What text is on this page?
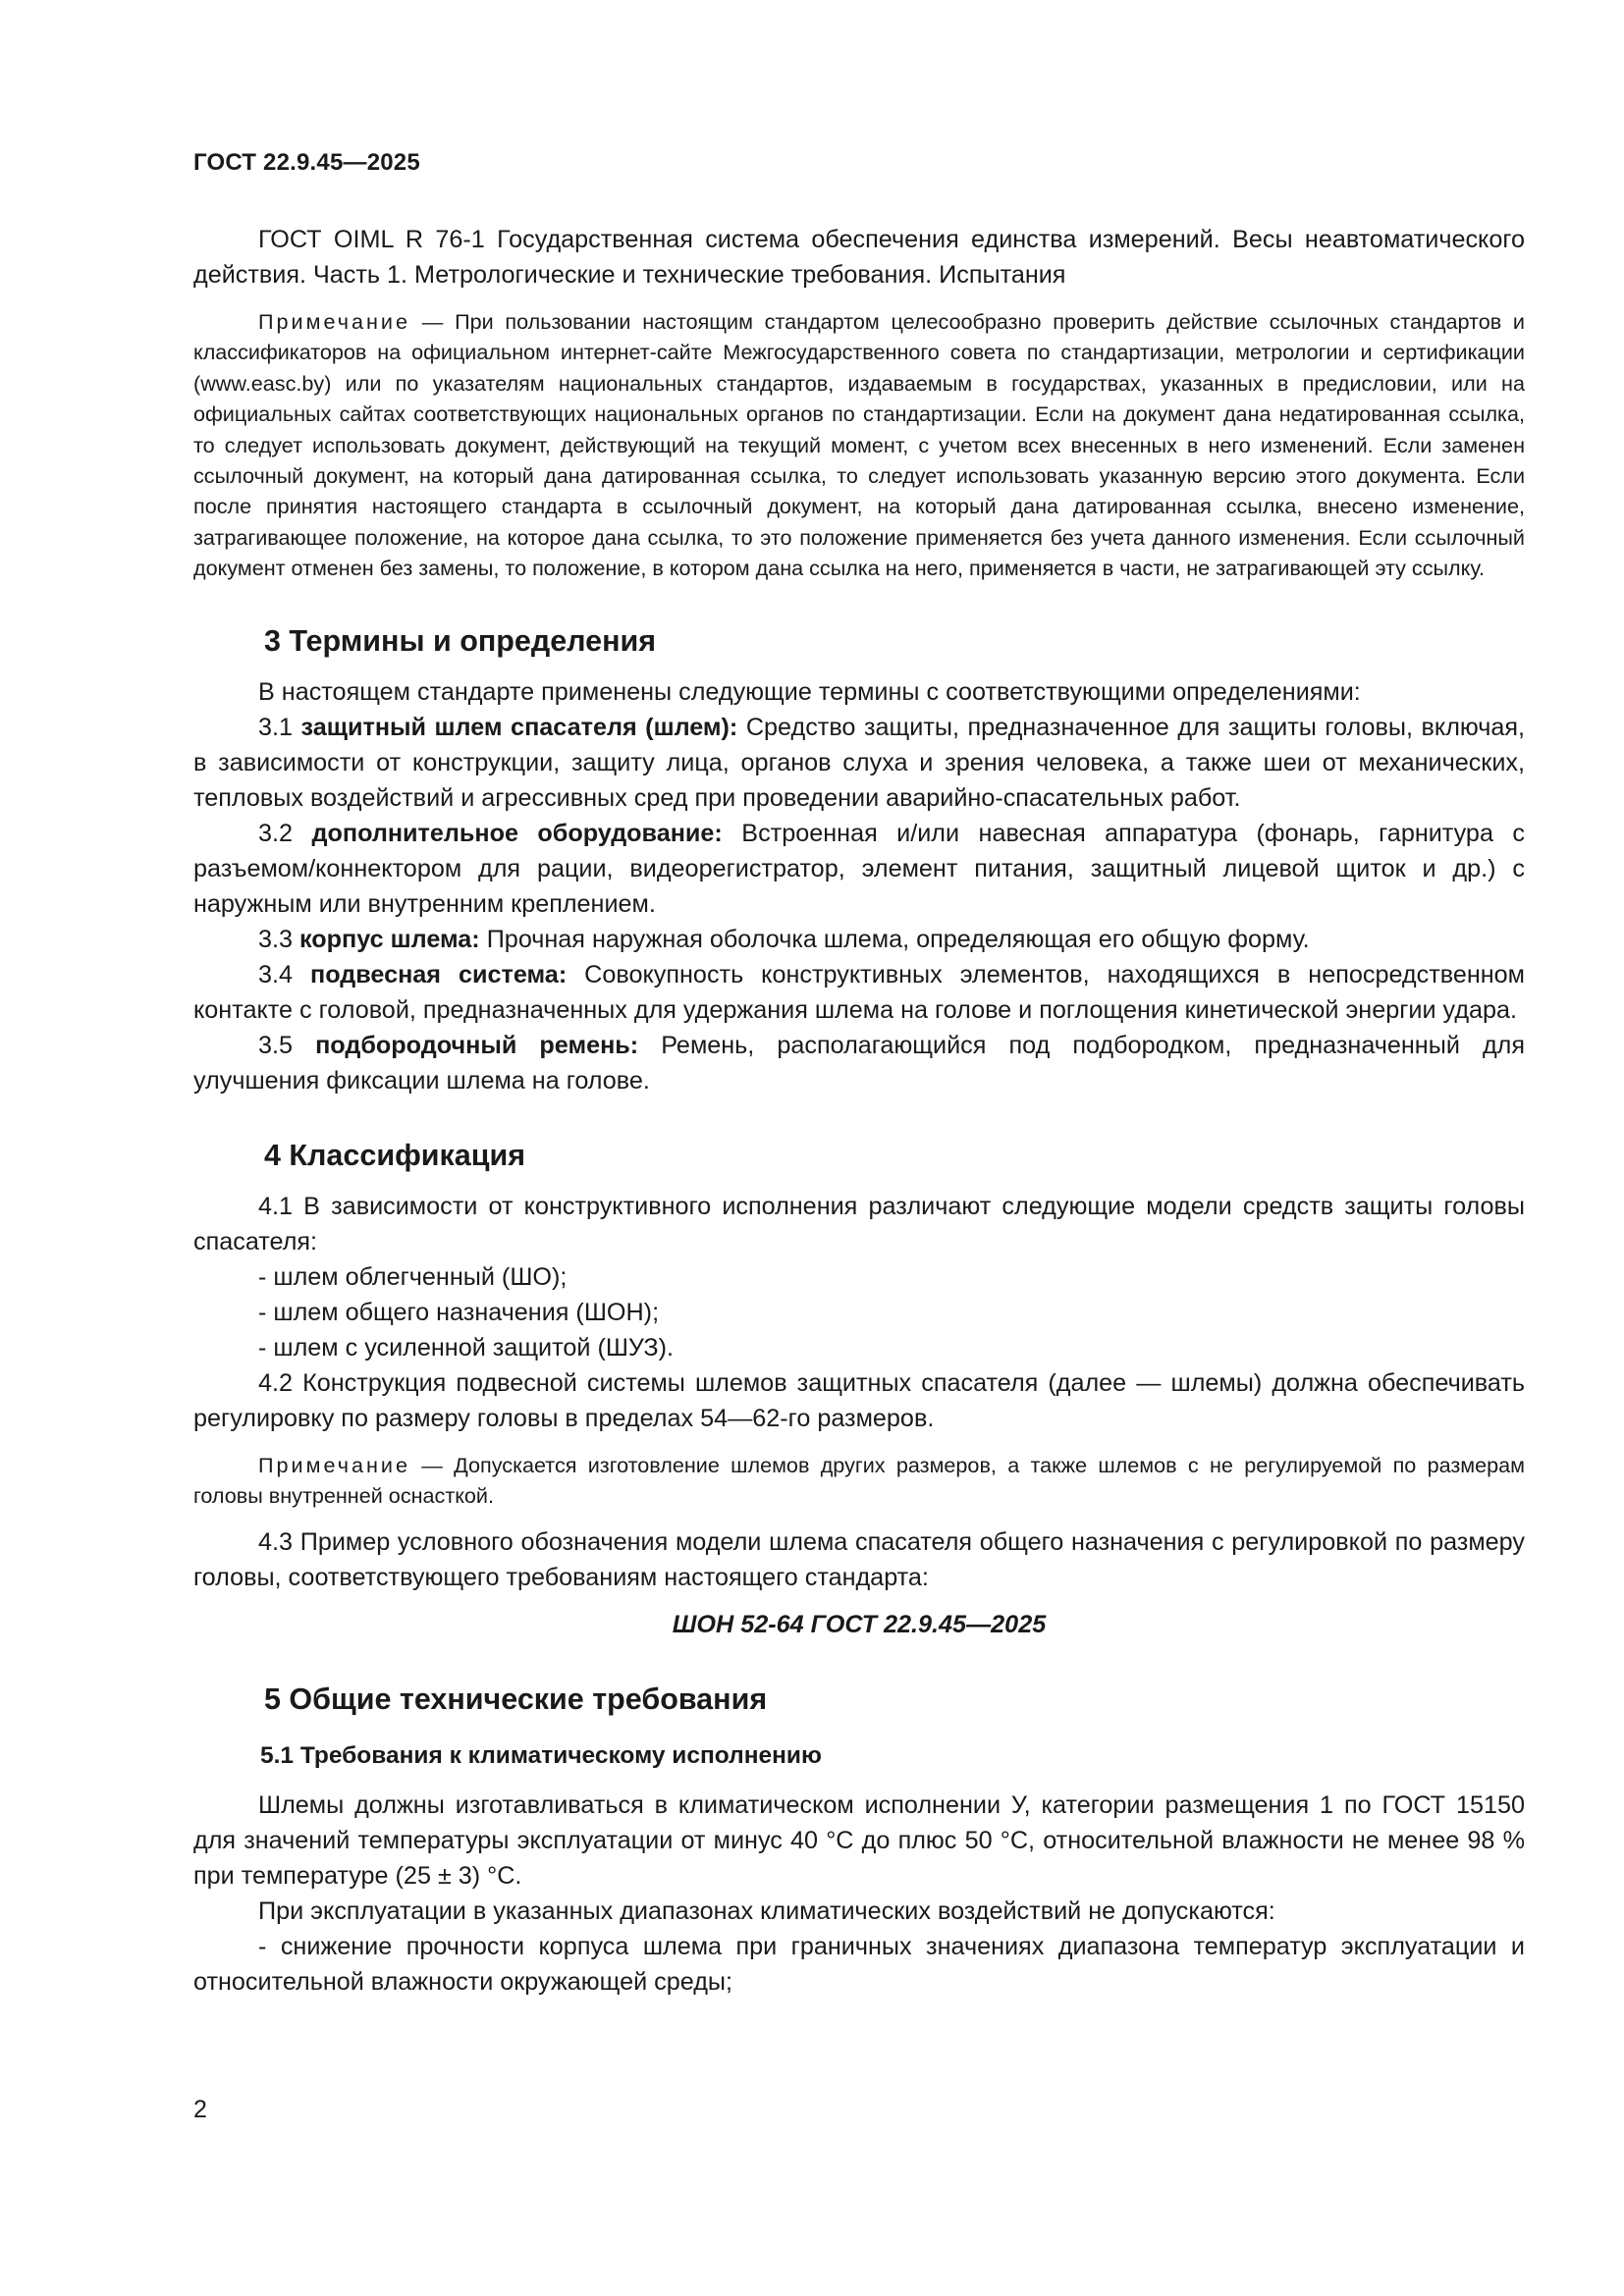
ГОСТ 22.9.45—2025

ГОСТ OIML R 76-1 Государственная система обеспечения единства измерений. Весы неавтоматического действия. Часть 1. Метрологические и технические требования. Испытания

Примечание — При пользовании настоящим стандартом целесообразно проверить действие ссылочных стандартов и классификаторов на официальном интернет-сайте Межгосударственного совета по стандартизации, метрологии и сертификации (www.easc.by) или по указателям национальных стандартов, издаваемым в государствах, указанных в предисловии, или на официальных сайтах соответствующих национальных органов по стандартизации. Если на документ дана недатированная ссылка, то следует использовать документ, действующий на текущий момент, с учетом всех внесенных в него изменений. Если заменен ссылочный документ, на который дана датированная ссылка, то следует использовать указанную версию этого документа. Если после принятия настоящего стандарта в ссылочный документ, на который дана датированная ссылка, внесено изменение, затрагивающее положение, на которое дана ссылка, то это положение применяется без учета данного изменения. Если ссылочный документ отменен без замены, то положение, в котором дана ссылка на него, применяется в части, не затрагивающей эту ссылку.

3 Термины и определения

В настоящем стандарте применены следующие термины с соответствующими определениями:

3.1 защитный шлем спасателя (шлем): Средство защиты, предназначенное для защиты головы, включая, в зависимости от конструкции, защиту лица, органов слуха и зрения человека, а также шеи от механических, тепловых воздействий и агрессивных сред при проведении аварийно-спасательных работ.

3.2 дополнительное оборудование: Встроенная и/или навесная аппаратура (фонарь, гарнитура с разъемом/коннектором для рации, видеорегистратор, элемент питания, защитный лицевой щиток и др.) с наружным или внутренним креплением.

3.3 корпус шлема: Прочная наружная оболочка шлема, определяющая его общую форму.

3.4 подвесная система: Совокупность конструктивных элементов, находящихся в непосредственном контакте с головой, предназначенных для удержания шлема на голове и поглощения кинетической энергии удара.

3.5 подбородочный ремень: Ремень, располагающийся под подбородком, предназначенный для улучшения фиксации шлема на голове.

4 Классификация

4.1 В зависимости от конструктивного исполнения различают следующие модели средств защиты головы спасателя:

- шлем облегченный (ШО);

- шлем общего назначения (ШОН);

- шлем с усиленной защитой (ШУЗ).

4.2 Конструкция подвесной системы шлемов защитных спасателя (далее — шлемы) должна обеспечивать регулировку по размеру головы в пределах 54—62-го размеров.

Примечание — Допускается изготовление шлемов других размеров, а также шлемов с не регулируемой по размерам головы внутренней оснасткой.

4.3 Пример условного обозначения модели шлема спасателя общего назначения с регулировкой по размеру головы, соответствующего требованиям настоящего стандарта:

ШОН 52-64 ГОСТ 22.9.45—2025

5 Общие технические требования
5.1 Требования к климатическому исполнению

Шлемы должны изготавливаться в климатическом исполнении У, категории размещения 1 по ГОСТ 15150 для значений температуры эксплуатации от минус 40 °С до плюс 50 °С, относительной влажности не менее 98 % при температуре (25 ± 3) °С.

При эксплуатации в указанных диапазонах климатических воздействий не допускаются:

- снижение прочности корпуса шлема при граничных значениях диапазона температур эксплуатации и относительной влажности окружающей среды;

2
